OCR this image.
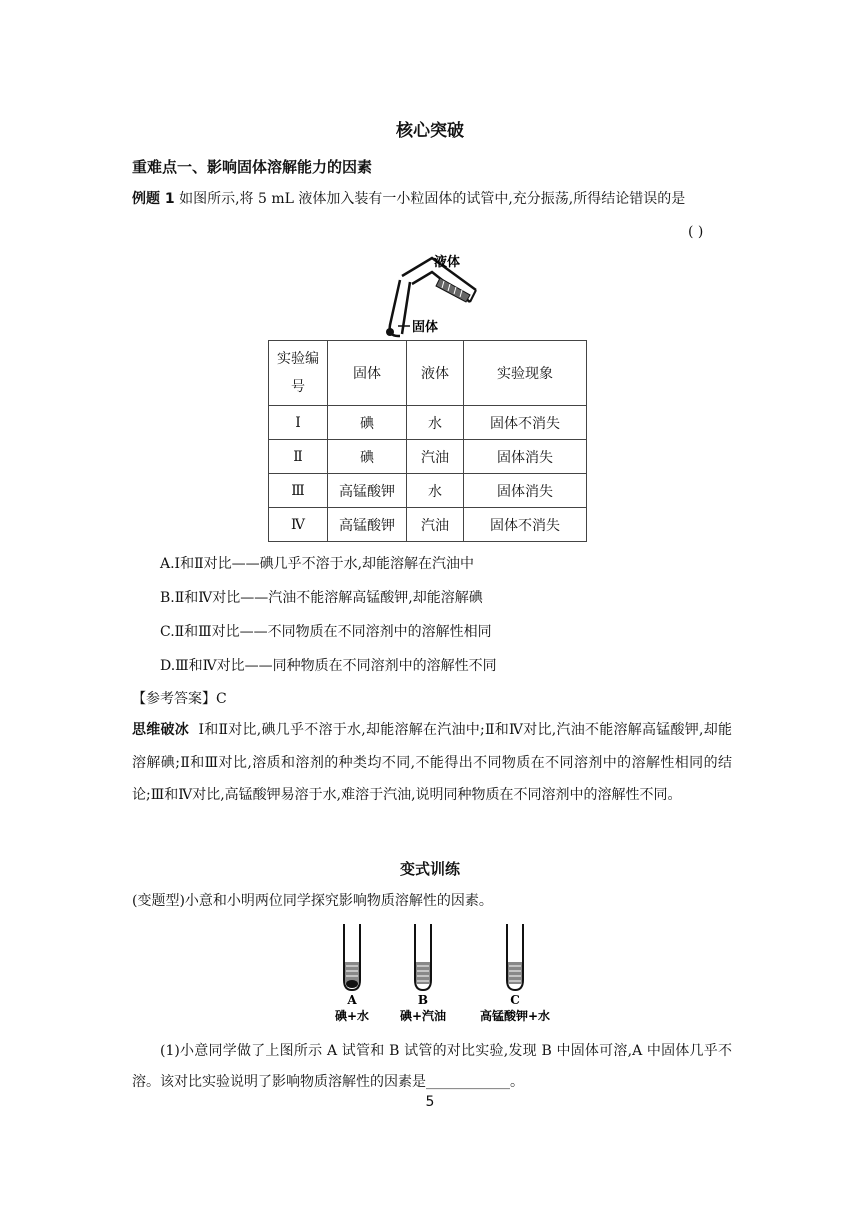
核心突破
重难点一、影响固体溶解能力的因素
例题 1 如图所示,将 5 mL 液体加入装有一小粒固体的试管中,充分振荡,所得结论错误的是
( )
液体
固体
实验编号	固体	液体	实验现象
Ⅰ	碘	水	固体不消失
Ⅱ	碘	汽油	固体消失
Ⅲ	高锰酸钾	水	固体消失
Ⅳ	高锰酸钾	汽油	固体不消失
A.Ⅰ和Ⅱ对比——碘几乎不溶于水,却能溶解在汽油中
B.Ⅱ和Ⅳ对比——汽油不能溶解高锰酸钾,却能溶解碘
C.Ⅱ和Ⅲ对比——不同物质在不同溶剂中的溶解性相同
D.Ⅲ和Ⅳ对比——同种物质在不同溶剂中的溶解性不同
【参考答案】C
思维破冰 Ⅰ和Ⅱ对比,碘几乎不溶于水,却能溶解在汽油中;Ⅱ和Ⅳ对比,汽油不能溶解高锰酸钾,却能溶解碘;Ⅱ和Ⅲ对比,溶质和溶剂的种类均不同,不能得出不同物质在不同溶剂中的溶解性相同的结论;Ⅲ和Ⅳ对比,高锰酸钾易溶于水,难溶于汽油,说明同种物质在不同溶剂中的溶解性不同。
变式训练
(变题型)小意和小明两位同学探究影响物质溶解性的因素。
A
碘+水
B
碘+汽油
C
高锰酸钾+水
(1)小意同学做了上图所示 A 试管和 B 试管的对比实验,发现 B 中固体可溶,A 中固体几乎不溶。该对比实验说明了影响物质溶解性的因素是____________。
5
